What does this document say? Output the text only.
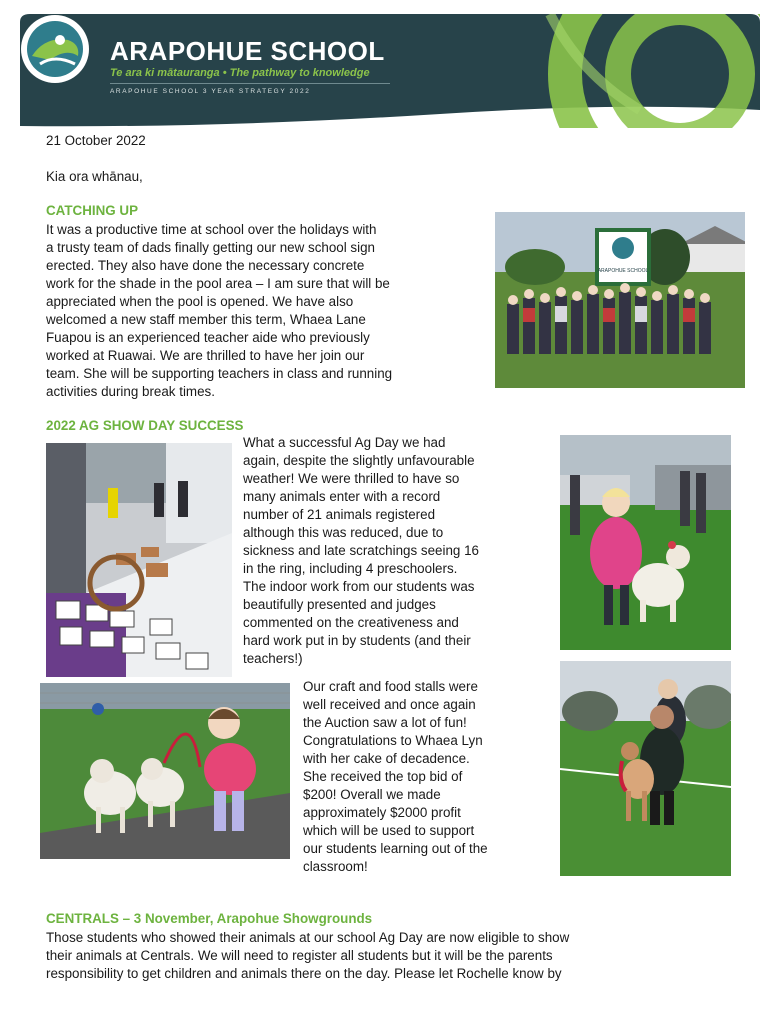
ARAPOHUE SCHOOL
Te ara ki mātauranga • The pathway to knowledge
ARAPOHUE SCHOOL 3 YEAR STRATEGY 2022

21 October 2022

Kia ora whānau,

CATCHING UP

It was a productive time at school over the holidays with
a trusty team of dads finally getting our new school sign
erected. They also have done the necessary concrete
work for the shade in the pool area – I am sure that will be
appreciated when the pool is opened. We have also
welcomed a new staff member this term, Whaea Lane
Fuapou is an experienced teacher aide who previously
worked at Ruawai. We are thrilled to have her join our
team. She will be supporting teachers in class and running
activities during break times.
ARAPOHUE SCHOOL

2022 AG SHOW DAY SUCCESS

What a successful Ag Day we had
again, despite the slightly unfavourable
weather! We were thrilled to have so
many animals enter with a record
number of 21 animals registered
although this was reduced, due to
sickness and late scratchings seeing 16
in the ring, including 4 preschoolers.
The indoor work from our students was
beautifully presented and judges
commented on the creativeness and
hard work put in by students (and their
teachers!)
Our craft and food stalls were
well received and once again
the Auction saw a lot of fun!
Congratulations to Whaea Lyn
with her cake of decadence.
She received the top bid of
$200! Overall we made
approximately $2000 profit
which will be used to support
our students learning out of the
classroom!

CENTRALS – 3 November, Arapohue Showgrounds

Those students who showed their animals at our school Ag Day are now eligible to show
their animals at Centrals. We will need to register all students but it will be the parents
responsibility to get children and animals there on the day. Please let Rochelle know by
